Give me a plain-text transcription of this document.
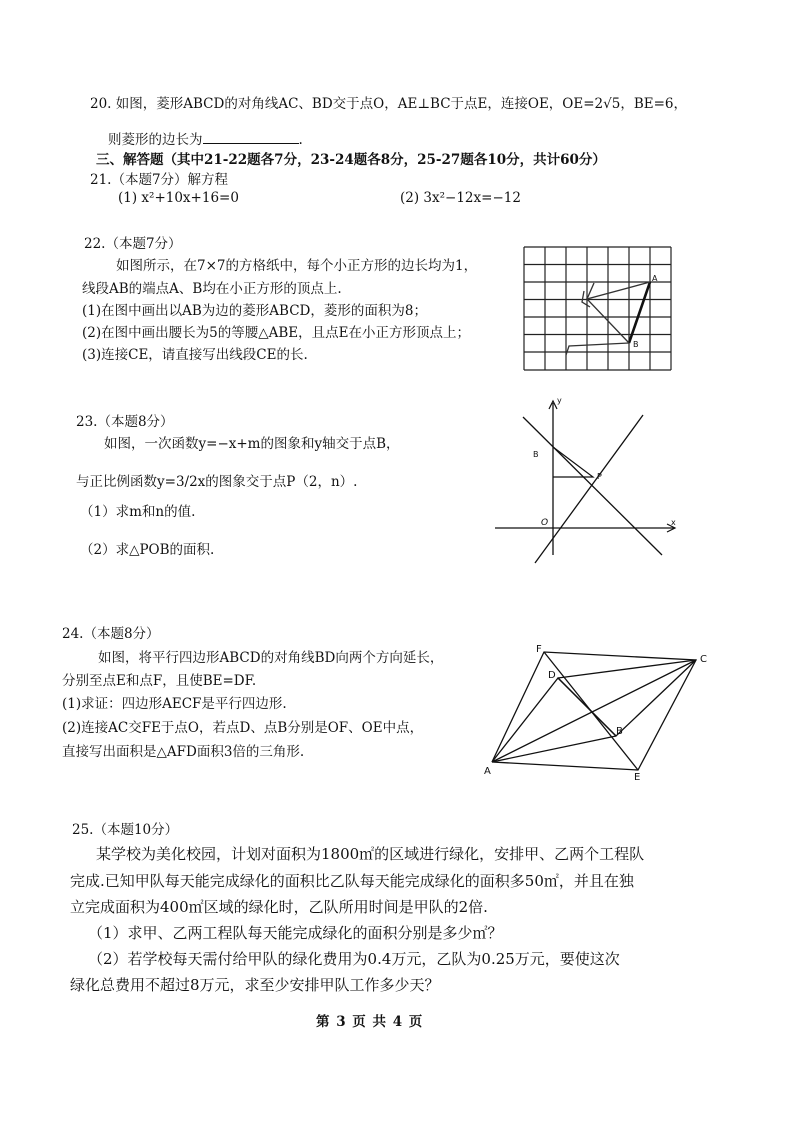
20. 如图，菱形ABCD的对角线AC、BD交于点O，AE⊥BC于点E，连接OE，OE=2√5，BE=6，
则菱形的边长为	.
三、解答题（其中21-22题各7分，23-24题各8分，25-27题各10分，共计60分）
21.（本题7分）解方程
(1) x²+10x+16=0	(2) 3x²−12x=−12
22.（本题7分）
如图所示，在7×7的方格纸中，每个小正方形的边长均为1，
线段AB的端点A、B均在小正方形的顶点上.
(1)在图中画出以AB为边的菱形ABCD，菱形的面积为8；
(2)在图中画出腰长为5的等腰△ABE，且点E在小正方形顶点上；
(3)连接CE，请直接写出线段CE的长.
A
B
23.（本题8分）
如图，一次函数y=−x+m的图象和y轴交于点B，
与正比例函数y=3/2x的图象交于点P（2，n）.
（1）求m和n的值.
（2）求△POB的面积.
y
x
B
P
O
24.（本题8分）
如图，将平行四边形ABCD的对角线BD向两个方向延长，
分别至点E和点F，且使BE=DF.
(1)求证：四边形AECF是平行四边形.
(2)连接AC交FE于点O，若点D、点B分别是OF、OE中点，
直接写出面积是△AFD面积3倍的三角形.
F
C
D
B
A
E
25.（本题10分）
某学校为美化校园，计划对面积为1800㎡的区域进行绿化，安排甲、乙两个工程队
完成.已知甲队每天能完成绿化的面积比乙队每天能完成绿化的面积多50㎡，并且在独
立完成面积为400㎡区域的绿化时，乙队所用时间是甲队的2倍.
（1）求甲、乙两工程队每天能完成绿化的面积分别是多少㎡？
（2）若学校每天需付给甲队的绿化费用为0.4万元，乙队为0.25万元，要使这次
绿化总费用不超过8万元，求至少安排甲队工作多少天？
第 3 页 共 4 页
